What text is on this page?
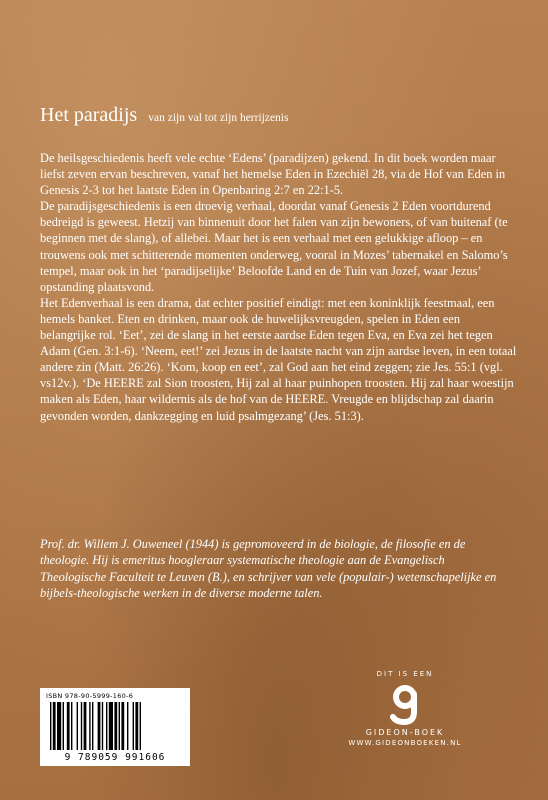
Het paradijs van zijn val tot zijn herrijzenis

De heilsgeschiedenis heeft vele echte ‘Edens’ (paradijzen) gekend. In dit boek worden maar liefst zeven ervan beschreven, vanaf het hemelse Eden in Ezechiël 28, via de Hof van Eden in Genesis 2-3 tot het laatste Eden in Openbaring 2:7 en 22:1-5.

De paradijsgeschiedenis is een droevig verhaal, doordat vanaf Genesis 2 Eden voortdurend bedreigd is geweest. Hetzij van binnenuit door het falen van zijn bewoners, of van buitenaf (te beginnen met de slang), of allebei. Maar het is een verhaal met een gelukkige afloop – en trouwens ook met schitterende momenten onderweg, vooral in Mozes’ tabernakel en Salomo’s tempel, maar ook in het ‘paradijselijke’ Beloofde Land en de Tuin van Jozef, waar Jezus’ opstanding plaatsvond.

Het Edenverhaal is een drama, dat echter positief eindigt: met een koninklijk feestmaal, een hemels banket. Eten en drinken, maar ook de huwelijksvreugden, spelen in Eden een belangrijke rol. ‘Eet’, zei de slang in het eerste aardse Eden tegen Eva, en Eva zei het tegen Adam (Gen. 3:1-6). ‘Neem, eet!’ zei Jezus in de laatste nacht van zijn aardse leven, in een totaal andere zin (Matt. 26:26). ‘Kom, koop en eet’, zal God aan het eind zeggen; zie Jes. 55:1 (vgl. vs12v.). ‘De HEERE zal Sion troosten, Hij zal al haar puinhopen troosten. Hij zal haar woestijn maken als Eden, haar wildernis als de hof van de HEERE. Vreugde en blijdschap zal daarin gevonden worden, dankzegging en luid psalmgezang’ (Jes. 51:3).

Prof. dr. Willem J. Ouweneel (1944) is gepromoveerd in de biologie, de filosofie en de theologie. Hij is emeritus hoogleraar systematische theologie aan de Evangelisch Theologische Faculteit te Leuven (B.), en schrijver van vele (populair-) wetenschapelijke en bijbels-theologische werken in de diverse moderne talen.
ISBN 978-90-5999-160-6
9 789059 991606
DIT IS EEN
GIDEON-BOEK
WWW.GIDEONBOEKEN.NL
